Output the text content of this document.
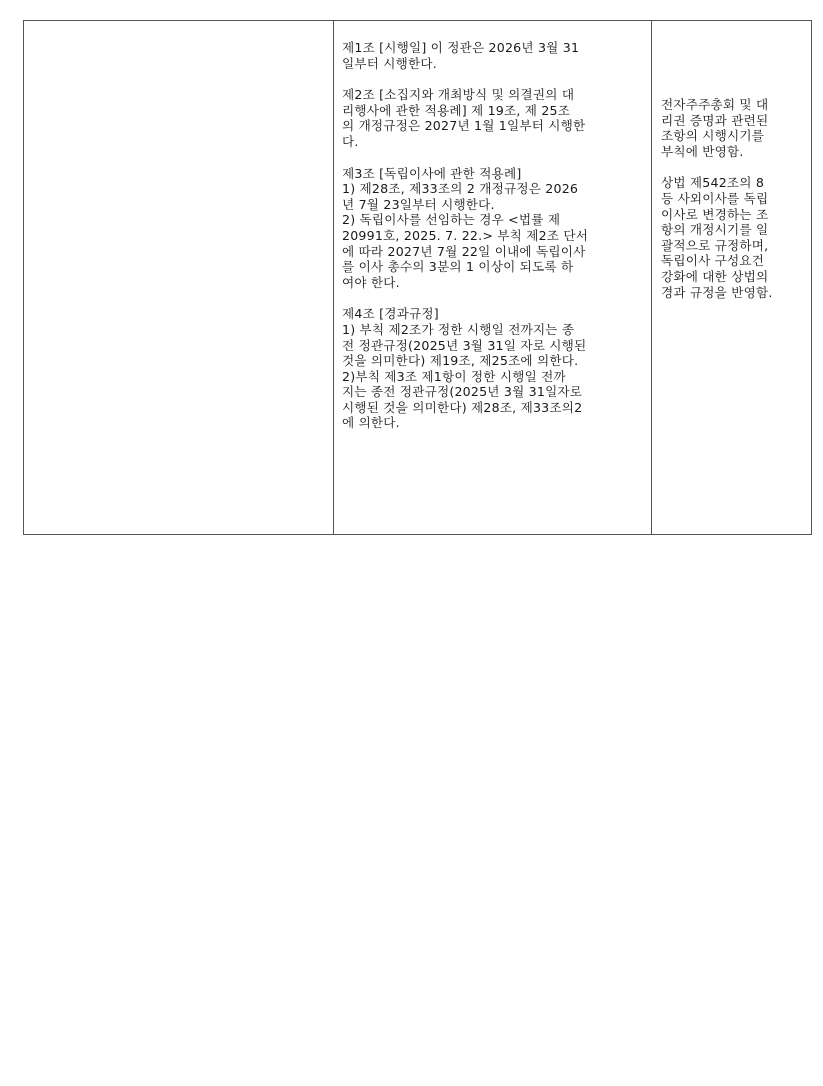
제1조 [시행일] 이 정관은 2026년 3월 31
일부터 시행한다.
제2조 [소집지와 개최방식 및 의결권의 대
리행사에 관한 적용례] 제 19조, 제 25조
의 개정규정은 2027년 1월 1일부터 시행한
다.
제3조 [독립이사에 관한 적용례]
1) 제28조, 제33조의 2 개정규정은 2026
년 7월 23일부터 시행한다.
2) 독립이사를 선임하는 경우 <법률 제
20991호, 2025. 7. 22.> 부칙 제2조 단서
에 따라 2027년 7월 22일 이내에 독립이사
를 이사 총수의 3분의 1 이상이 되도록 하
여야 한다.
제4조 [경과규정]
1) 부칙 제2조가 정한 시행일 전까지는 종
전 정관규정(2025년 3월 31일 자로 시행된
것을 의미한다) 제19조, 제25조에 의한다.
2)부칙 제3조 제1항이 정한 시행일 전까
지는 종전 정관규정(2025년 3월 31일자로
시행된 것을 의미한다) 제28조, 제33조의2
에 의한다.
전자주주총회 및 대
리권 증명과 관련된
조항의 시행시기를
부칙에 반영함.
상법 제542조의 8
등 사외이사를 독립
이사로 변경하는 조
항의 개정시기를 일
괄적으로 규정하며,
독립이사 구성요건
강화에 대한 상법의
경과 규정을 반영함.
